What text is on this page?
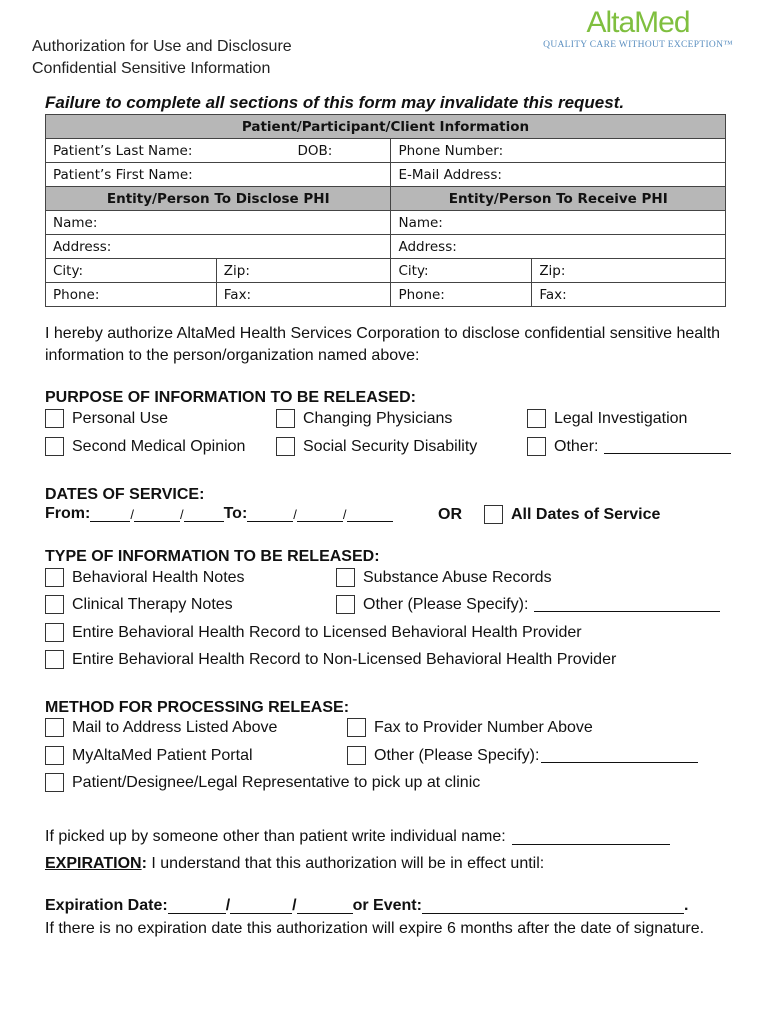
Authorization for Use and Disclosure
Confidential Sensitive Information
AltaMed
QUALITY CARE WITHOUT EXCEPTION™
Failure to complete all sections of this form may invalidate this request.
Patient/Participant/Client Information			
Patient’s Last Name: DOB:		Phone Number:	
Patient’s First Name:		E-Mail Address:	
Entity/Person To Disclose PHI		Entity/Person To Receive PHI	
Name:		Name:	
Address:		Address:	
City:	Zip:	City:	Zip:
Phone:	Fax:	Phone:	Fax:
I hereby authorize AltaMed Health Services Corporation to disclose confidential sensitive health information to the person/organization named above:
PURPOSE OF INFORMATION TO BE RELEASED:
Personal Use	Changing Physicians	Legal Investigation
Second Medical Opinion	Social Security Disability	Other:
DATES OF SERVICE:
From:	/	/	To:	/	/	OR	All Dates of Service
TYPE OF INFORMATION TO BE RELEASED:
Behavioral Health Notes	Substance Abuse Records
Clinical Therapy Notes	Other (Please Specify):
Entire Behavioral Health Record to Licensed Behavioral Health Provider
Entire Behavioral Health Record to Non-Licensed Behavioral Health Provider
METHOD FOR PROCESSING RELEASE:
Mail to Address Listed Above	Fax to Provider Number Above
MyAltaMed Patient Portal	Other (Please Specify):
Patient/Designee/Legal Representative to pick up at clinic
If picked up by someone other than patient write individual name:
EXPIRATION : I understand that this authorization will be in effect until:
Expiration Date:	/	/	or Event:	.
If there is no expiration date this authorization will expire 6 months after the date of signature.
